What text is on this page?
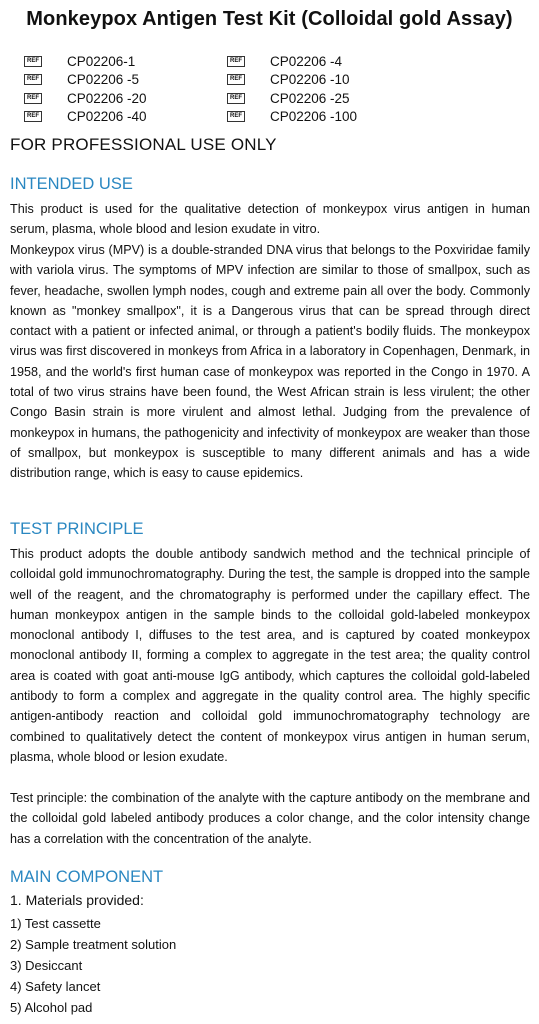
Monkeypox Antigen Test Kit (Colloidal gold Assay)
REF CP02206-1	REF CP02206 -4
REF CP02206 -5	REF CP02206 -10
REF CP02206 -20	REF CP02206 -25
REF CP02206 -40	REF CP02206 -100
FOR PROFESSIONAL USE ONLY
INTENDED USE

This product is used for the qualitative detection of monkeypox virus antigen in human serum, plasma, whole blood and lesion exudate in vitro.

Monkeypox virus (MPV) is a double-stranded DNA virus that belongs to the Poxviridae family with variola virus. The symptoms of MPV infection are similar to those of smallpox, such as fever, headache, swollen lymph nodes, cough and extreme pain all over the body. Commonly known as "monkey smallpox", it is a Dangerous virus that can be spread through direct contact with a patient or infected animal, or through a patient's bodily fluids. The monkeypox virus was first discovered in monkeys from Africa in a laboratory in Copenhagen, Denmark, in 1958, and the world's first human case of monkeypox was reported in the Congo in 1970. A total of two virus strains have been found, the West African strain is less virulent; the other Congo Basin strain is more virulent and almost lethal. Judging from the prevalence of monkeypox in humans, the pathogenicity and infectivity of monkeypox are weaker than those of smallpox, but monkeypox is susceptible to many different animals and has a wide distribution range, which is easy to cause epidemics.

TEST PRINCIPLE

This product adopts the double antibody sandwich method and the technical principle of colloidal gold immunochromatography. During the test, the sample is dropped into the sample well of the reagent, and the chromatography is performed under the capillary effect. The human monkeypox antigen in the sample binds to the colloidal gold-labeled monkeypox monoclonal antibody I, diffuses to the test area, and is captured by coated monkeypox monoclonal antibody II, forming a complex to aggregate in the test area; the quality control area is coated with goat anti-mouse IgG antibody, which captures the colloidal gold-labeled antibody to form a complex and aggregate in the quality control area. The highly specific antigen-antibody reaction and colloidal gold immunochromatography technology are combined to qualitatively detect the content of monkeypox virus antigen in human serum, plasma, whole blood or lesion exudate.

Test principle: the combination of the analyte with the capture antibody on the membrane and the colloidal gold labeled antibody produces a color change, and the color intensity change has a correlation with the concentration of the analyte.

MAIN COMPONENT
1. Materials provided:
1) Test cassette
2) Sample treatment solution
3) Desiccant
4) Safety lancet
5) Alcohol pad
